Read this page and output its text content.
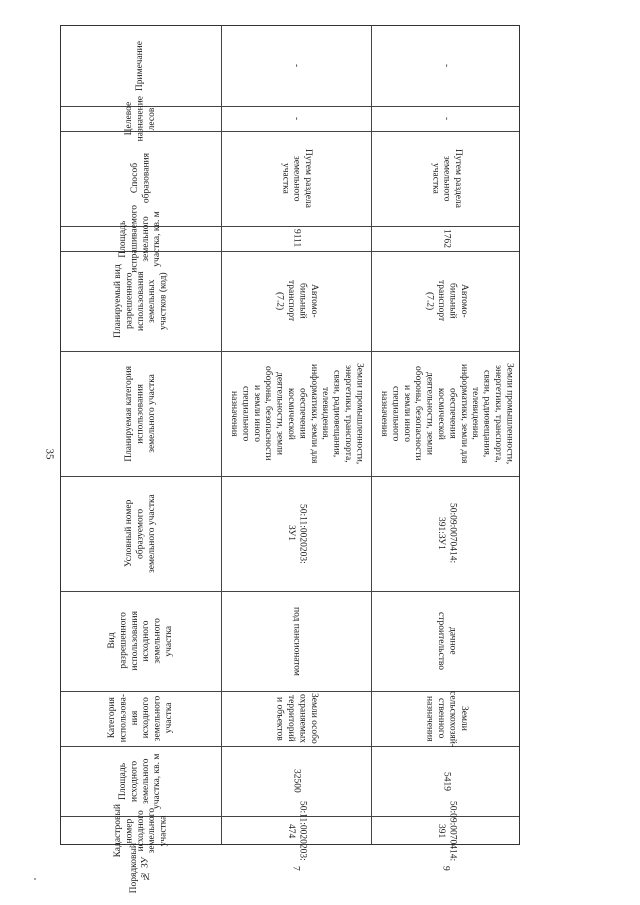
35
Примечание
Целевое назначение лесов
Способ
образования
Площадь испрашиваемого
земельного участка, кв. м
Планируемый вид разрешенного
использования земельных
участков (код)
Планируемая категория
использования
земельного участка
Условный номер образуемого
земельного участка
Вид
разрешенного
использования
исходного
земельного
участка
Категория
использова-
ния
исходного
земельного
участка
Площадь исходного земельного
участка, кв. м
Кадастровый
номер
исходного
земельного
участка
-
-
Путем раздела
земельного
участка
9111
Автомо-
бильный
транспорт
(7.2)
Земли промышленности,
энергетики, транспорта,
связи, радиовещания,
телевидения,
информатики, земли для
обеспечения
космической
деятельности, земли
обороны, безопасности
и земли иного
специального
назначения
50:11:0020203:
ЗУ1
под пансионатом
Земли особо
охраняемых
территорий
и объектов
32500
50:11:0020203:
474
-
-
Путем раздела
земельного
участка
1762
Автомо-
бильный
транспорт
(7.2)
Земли промышленности,
энергетики, транспорта,
связи, радиовещания,
телевидения,
информатики, земли для
обеспечения
космической
деятельности, земли
обороны, безопасности
и земли иного
специального
назначения
50:09:0070414:
391:ЗУ1
дачное
строительство
Земли
сельскохозяй-
ственного
назначения
5419
50:09:0070414:
391
7	9
Порядковый № ЗУ
